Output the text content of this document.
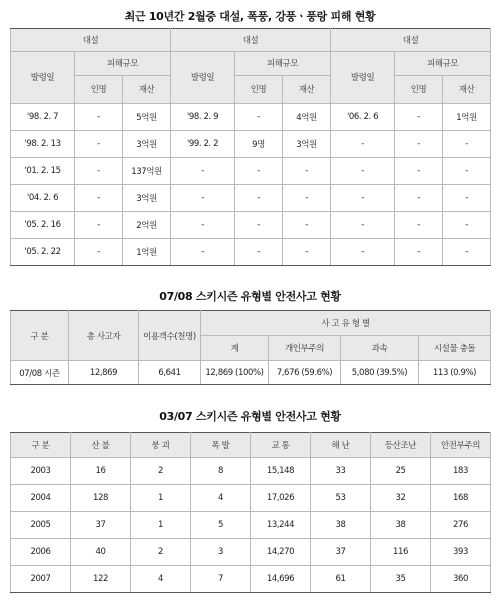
최근 10년간 2월중 대설, 폭풍, 강풍ㆍ풍랑 피해 현황
대설			대설			대설		
발령일	피해규모		발령일	피해규모		발령일	피해규모	
	인명	재산		인명	재산		인명	재산
'98. 2. 7	-	5억원	'98. 2. 9	-	4억원	'06. 2. 6	-	1억원
'98. 2. 13	-	3억원	'99. 2. 2	9명	3억원	-	-	-
'01. 2. 15	-	137억원	-	-	-	-	-	-
'04. 2. 6	-	3억원	-	-	-	-	-	-
'05. 2. 16	-	2억원	-	-	-	-	-	-
'05. 2. 22	-	1억원	-	-	-	-	-	-
07/08 스키시즌 유형별 안전사고 현황
구 분	총 사고자	이용객수(천명)	사 고 유 형 별			
			계	개인부주의	과속	시설물 충돌
07/08 시즌	12,869	6,641	12,869 (100%)	7,676 (59.6%)	5,080 (39.5%)	113 (0.9%)
03/07 스키시즌 유형별 안전사고 현황
구 분	산 불	붕 괴	폭 발	교 통	해 난	등산조난	안전부주의
2003	16	2	8	15,148	33	25	183
2004	128	1	4	17,026	53	32	168
2005	37	1	5	13,244	38	38	276
2006	40	2	3	14,270	37	116	393
2007	122	4	7	14,696	61	35	360
